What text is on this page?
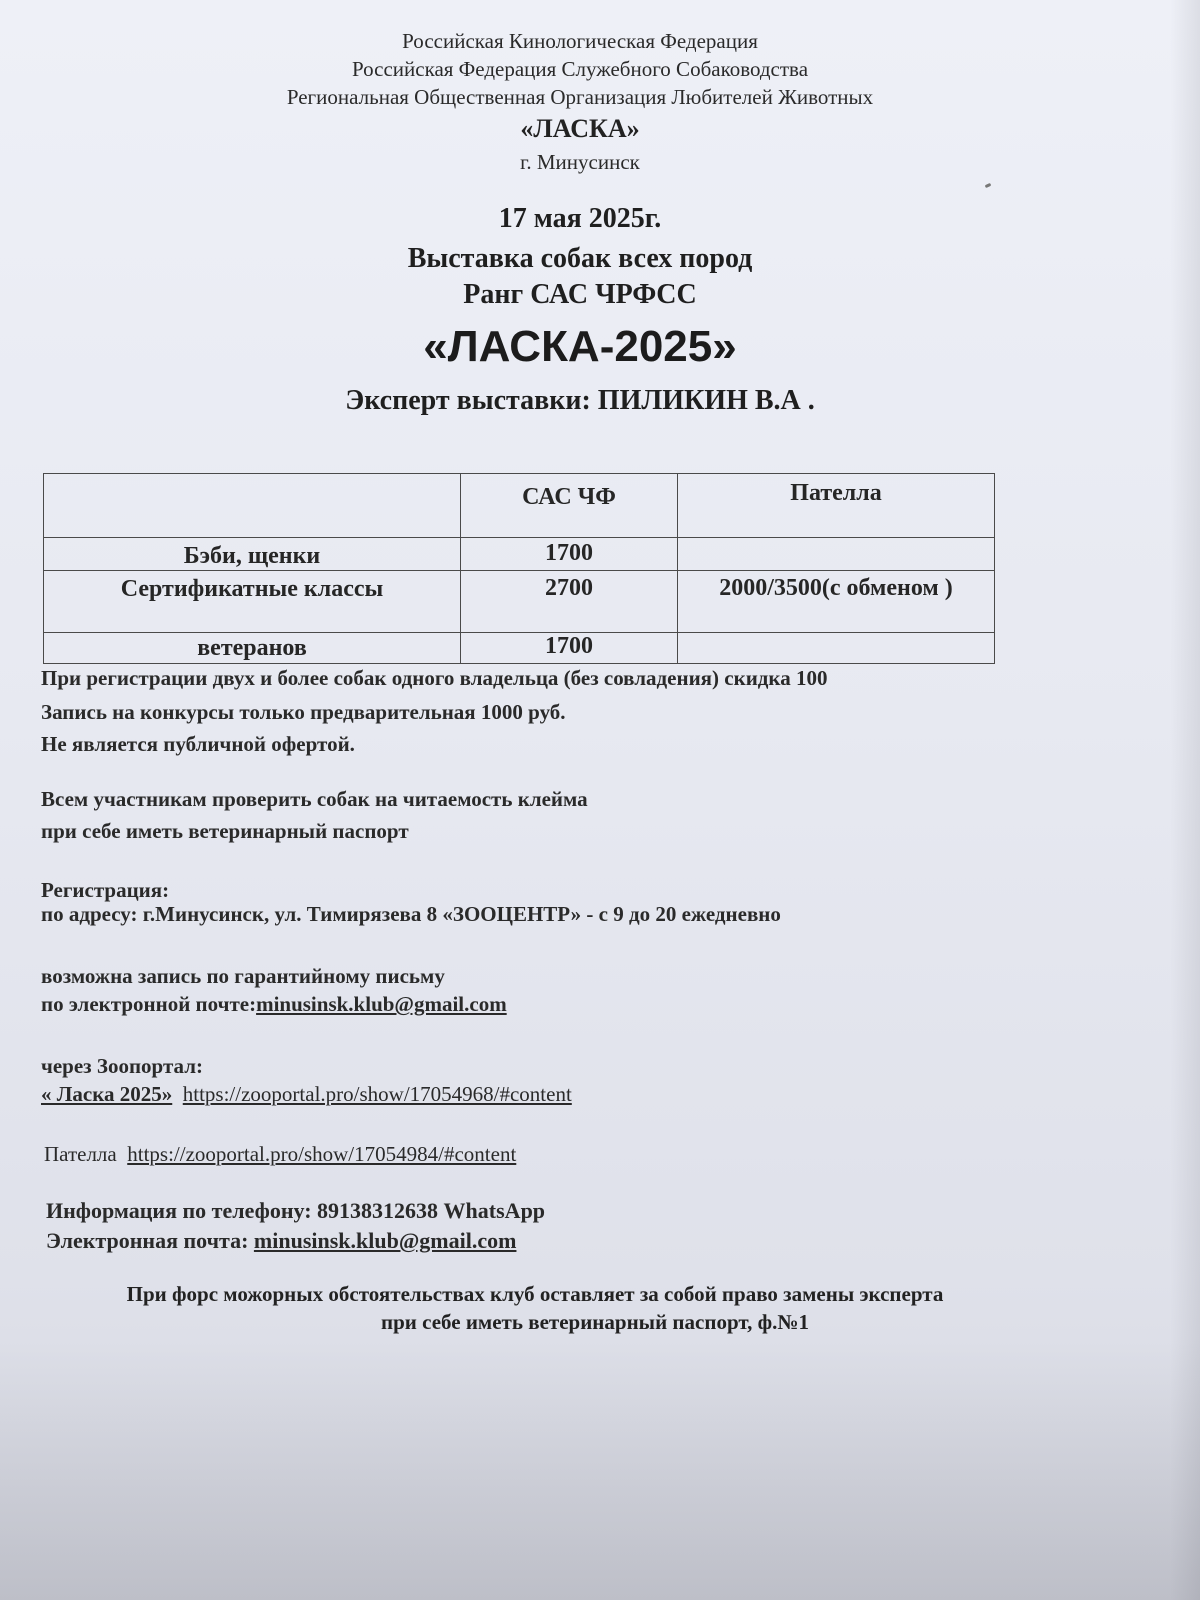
Российская Кинологическая Федерация
Российская Федерация Служебного Собаководства
Региональная Общественная Организация Любителей Животных
«ЛАСКА»
г. Минусинск
17 мая 2025г.
Выставка собак всех пород
Ранг САС ЧРФСС
«ЛАСКА-2025»
Эксперт выставки: ПИЛИКИН В.А .
	САС ЧФ	Пателла
Бэби, щенки	1700	
Сертификатные классы	2700	2000/3500(с обменом )
ветеранов	1700	
При регистрации двух и более собак одного владельца (без совладения) скидка 100
Запись на конкурсы только предварительная 1000 руб.
Не является публичной офертой.
Всем участникам проверить собак на читаемость клейма
при себе иметь ветеринарный паспорт
Регистрация:
по адресу: г.Минусинск, ул. Тимирязева 8 «ЗООЦЕНТР» - с 9 до 20 ежедневно
возможна запись по гарантийному письму
по электронной почте:minusinsk.klub@gmail.com
через Зоопортал:
« Ласка 2025» https://zooportal.pro/show/17054968/#content
Пателла https://zooportal.pro/show/17054984/#content
Информация по телефону: 89138312638 WhatsApp
Электронная почта: minusinsk.klub@gmail.com
При форс можорных обстоятельствах клуб оставляет за собой право замены эксперта
при себе иметь ветеринарный паспорт, ф.№1
